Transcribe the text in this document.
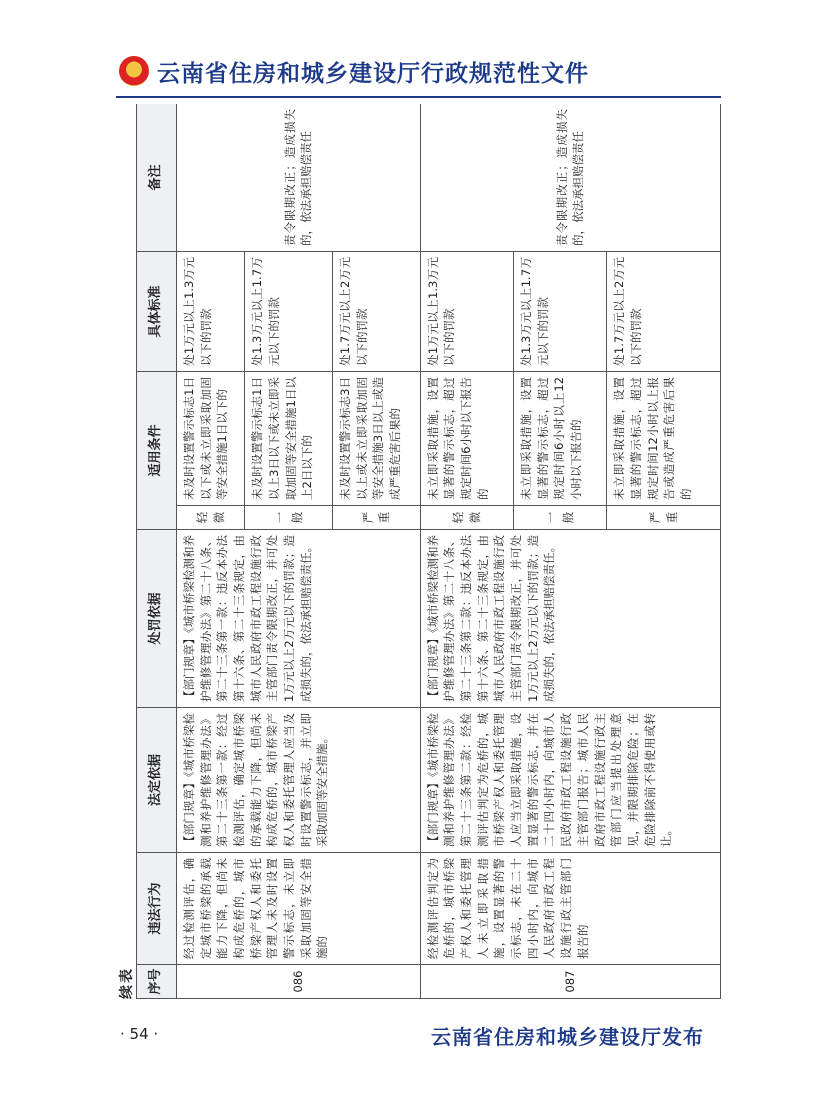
云南省住房和城乡建设厅行政规范性文件
续表 序号	违法行为	法定依据	处罚依据	适用条件		具体标准	备注
086	经过检测评估，确定城市桥梁的承载能力下降，但尚未构成危桥的，城市桥梁产权人和委托管理人未及时设置警示标志，未立即采取加固等安全措施的	【部门规章】《城市桥梁检测和养护维修管理办法》第二十三条第一款：经过检测评估，确定城市桥梁的承载能力下降，但尚未构成危桥的，城市桥梁产权人和委托管理人应当及时设置警示标志，并立即采取加固等安全措施。	【部门规章】《城市桥梁检测和养护维修管理办法》第二十八条、第二十三条第一款：违反本办法第十六条、第二十三条规定，由城市人民政府市政工程设施行政主管部门责令限期改正，并可处1万元以上2万元以下的罚款；造成损失的，依法承担赔偿责任。	轻微	未及时设置警示标志1日以下或未立即采取加固等安全措施1日以下的	处1万元以上1.3万元以下的罚款	责令限期改正；造成损失的，依法承担赔偿责任
				一般	未及时设置警示标志1日以上3日以下或未立即采取加固等安全措施1日以上2日以下的	处1.3万元以上1.7万元以下的罚款	
				严重	未及时设置警示标志3日以上或未立即采取加固等安全措施3日以上或造成严重危害后果的	处1.7万元以上2万元以下的罚款	
087	经检测评估判定为危桥的，城市桥梁产权人和委托管理人未立即采取措施，设置显著的警示标志，未在二十四小时内，向城市人民政府市政工程设施行政主管部门报告的	【部门规章】《城市桥梁检测和养护维修管理办法》第二十三条第二款：经检测评估判定为危桥的，城市桥梁产权人和委托管理人应当立即采取措施，设置显著的警示标志，并在二十四小时内，向城市人民政府市政工程设施行政主管部门报告；城市人民政府市政工程设施行政主管部门应当提出处理意见，并限期排除危险；在危险排除前不得使用或转让。	【部门规章】《城市桥梁检测和养护维修管理办法》第二十八条、第二十三条第二款：违反本办法第十六条、第二十三条规定，由城市人民政府市政工程设施行政主管部门责令限期改正，并可处1万元以上2万元以下的罚款；造成损失的，依法承担赔偿责任。	轻微	未立即采取措施，设置显著的警示标志，超过规定时间6小时以下报告的	处1万元以上1.3万元以下的罚款	责令限期改正；造成损失的，依法承担赔偿责任
				一般	未立即采取措施，设置显著的警示标志，超过规定时间6小时以上12小时以下报告的	处1.3万元以上1.7万元以下的罚款	
				严重	未立即采取措施，设置显著的警示标志，超过规定时间12小时以上报告或造成严重危害后果的	处1.7万元以上2万元以下的罚款	
· 54 ·	云南省住房和城乡建设厅发布
